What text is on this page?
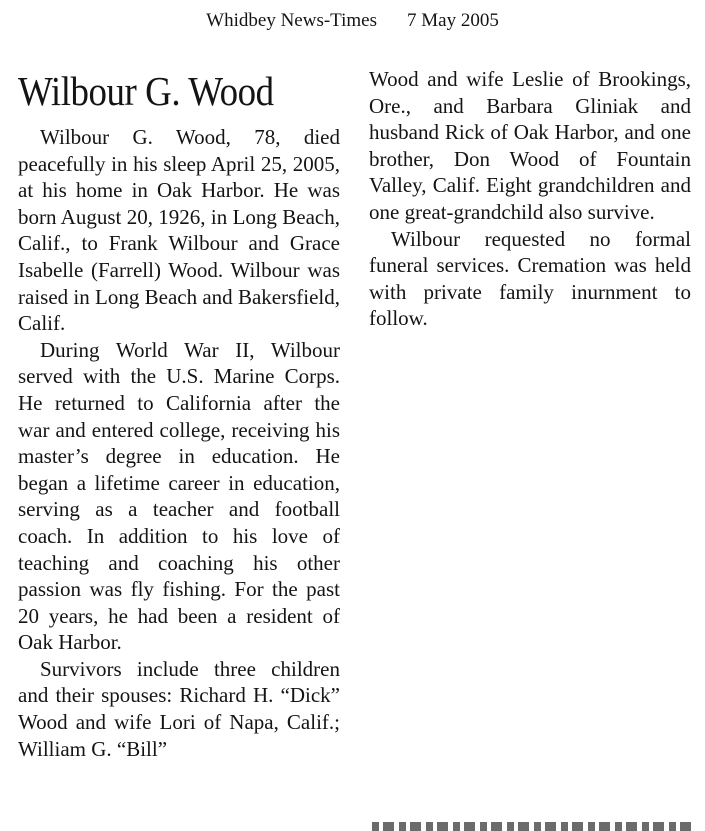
Whidbey News-Times 7 May 2005
Wilbour G. Wood

Wilbour G. Wood, 78, died peacefully in his sleep April 25, 2005, at his home in Oak Harbor. He was born August 20, 1926, in Long Beach, Calif., to Frank Wilbour and Grace Isabelle (Farrell) Wood. Wilbour was raised in Long Beach and Bakersfield, Calif.

During World War II, Wilbour served with the U.S. Marine Corps. He returned to California after the war and entered college, receiving his master’s degree in education. He began a lifetime career in education, serving as a teacher and football coach. In addition to his love of teaching and coaching his other passion was fly fishing. For the past 20 years, he had been a resident of Oak Harbor.

Survivors include three children and their spouses: Richard H. “Dick” Wood and wife Lori of Napa, Calif.; William G. “Bill”

Wood and wife Leslie of Brookings, Ore., and Barbara Gliniak and husband Rick of Oak Harbor, and one brother, Don Wood of Fountain Valley, Calif. Eight grandchildren and one great-grandchild also survive.

Wilbour requested no formal funeral services. Cremation was held with private family inurnment to follow.
